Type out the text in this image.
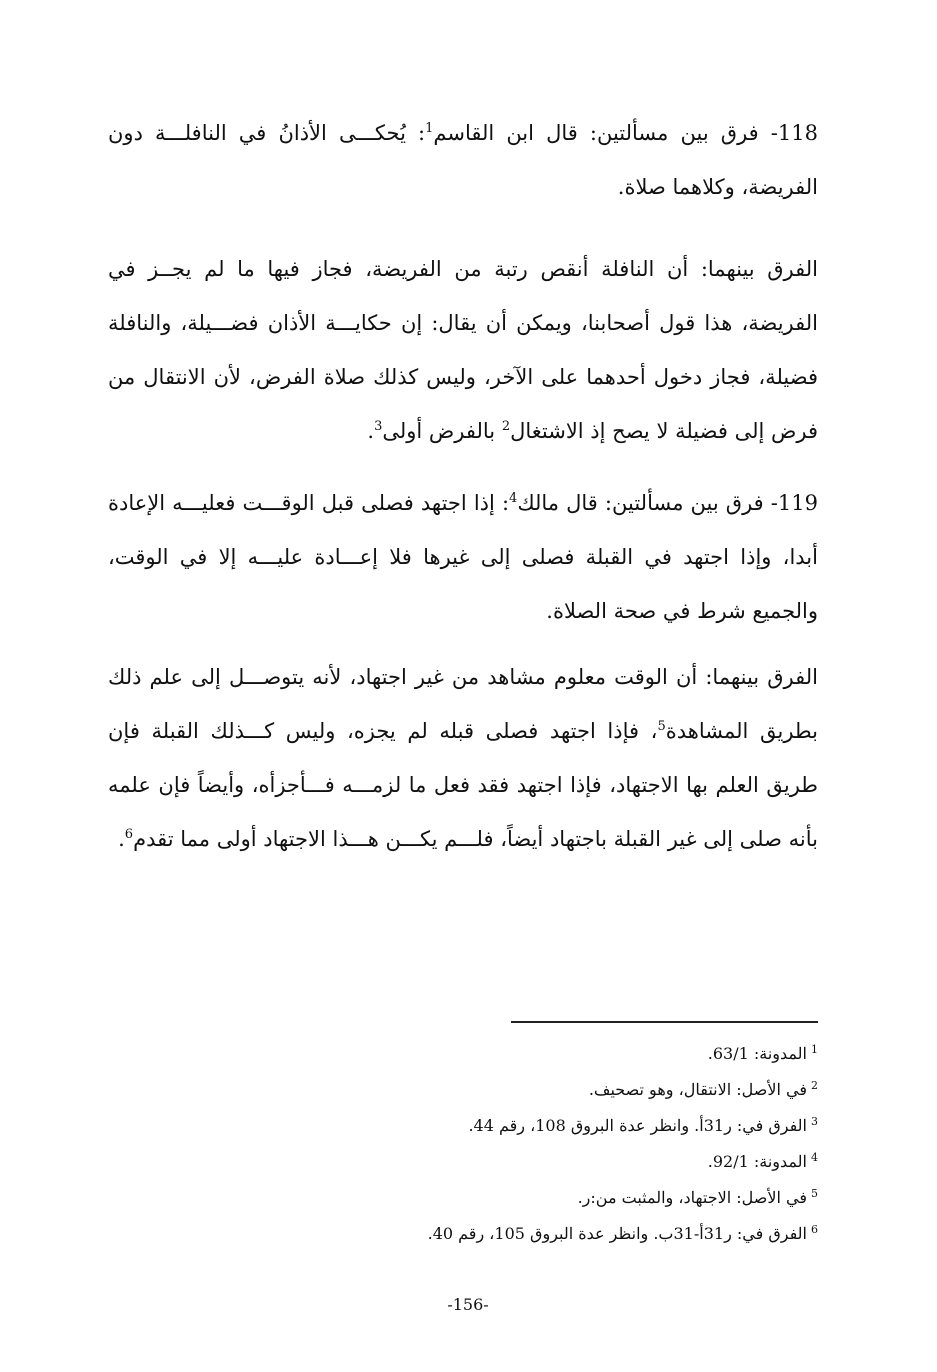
118- فرق بين مسألتين: قال ابن القاسم$^1$: يُحكـــى الأذانُ في النافلـــة دون الفريضة، وكلاهما صلاة.

الفرق بينهما: أن النافلة أنقص رتبة من الفريضة، فجاز فيها ما لم يجــز في الفريضة، هذا قول أصحابنا، ويمكن أن يقال: إن حكايـــة الأذان فضـــيلة، والنافلة فضيلة، فجاز دخول أحدهما على الآخر، وليس كذلك صلاة الفرض، لأن الانتقال من فرض إلى فضيلة لا يصح إذ الاشتغال$^2$ بالفرض أولى$^3$.

119- فرق بين مسألتين: قال مالك$^4$: إذا اجتهد فصلى قبل الوقـــت فعليـــه الإعادة أبدا، وإذا اجتهد في القبلة فصلى إلى غيرها فلا إعـــادة عليـــه إلا في الوقت، والجميع شرط في صحة الصلاة.

الفرق بينهما: أن الوقت معلوم مشاهد من غير اجتهاد، لأنه يتوصـــل إلى علم ذلك بطريق المشاهدة$^5$، فإذا اجتهد فصلى قبله لم يجزه، وليس كـــذلك القبلة فإن طريق العلم بها الاجتهاد، فإذا اجتهد فقد فعل ما لزمـــه فـــأجزأه، وأيضاً فإن علمه بأنه صلى إلى غير القبلة باجتهاد أيضاً، فلـــم يكـــن هـــذا الاجتهاد أولى مما تقدم$^6$.

$^1$المدونة: 63/1.
$^2$في الأصل: الانتقال، وهو تصحيف.
$^3$الفرق في: ر31أ. وانظر عدة البروق 108، رقم 44.
$^4$المدونة: 92/1.
$^5$في الأصل: الاجتهاد، والمثبت من:ر.
$^6$الفرق في: ر31أ-31ب. وانظر عدة البروق 105، رقم 40.
-156-
